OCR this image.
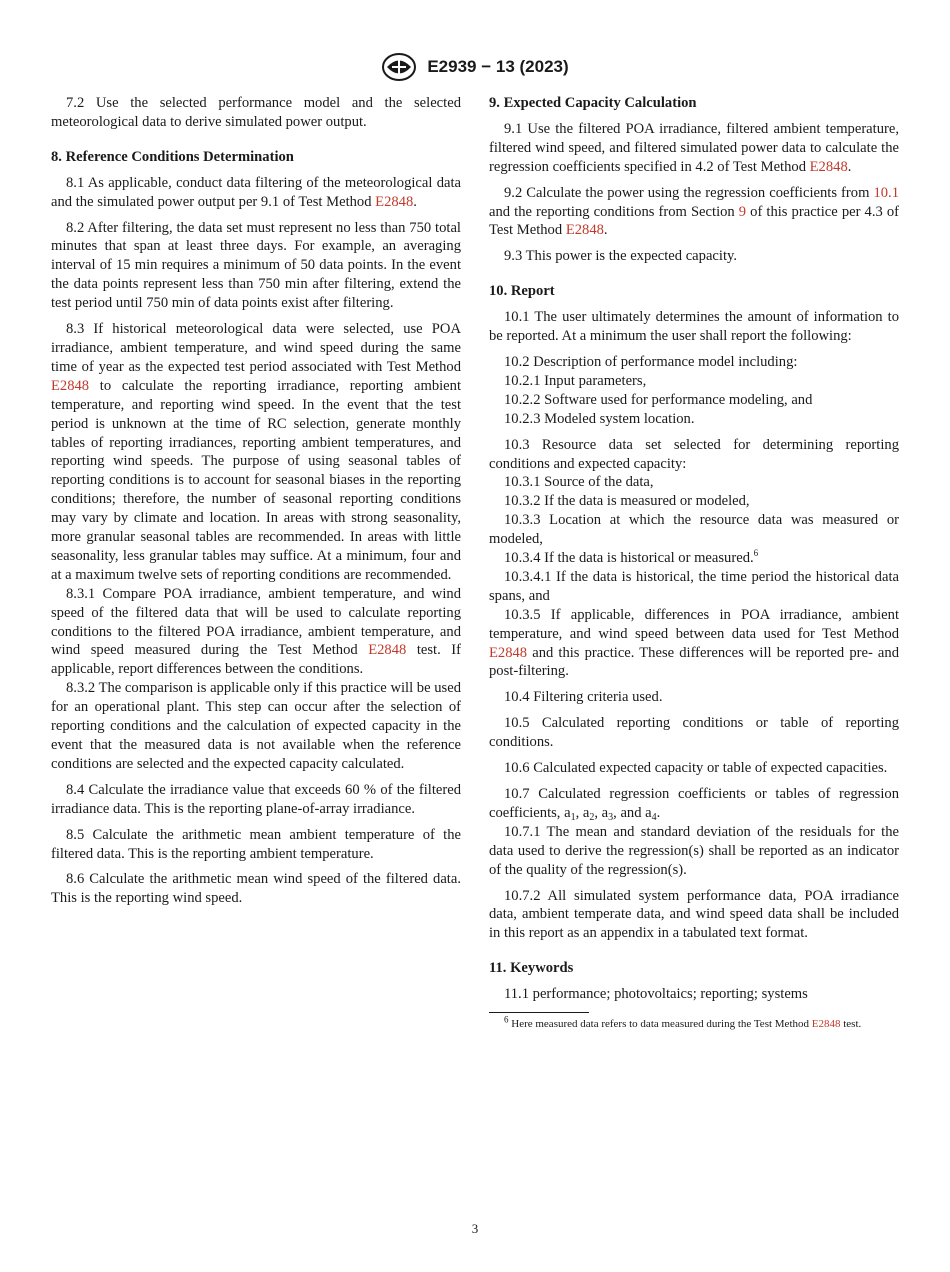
E2939 − 13 (2023)

7.2 Use the selected performance model and the selected meteorological data to derive simulated power output.

8. Reference Conditions Determination

8.1 As applicable, conduct data filtering of the meteorological data and the simulated power output per 9.1 of Test Method E2848.

8.2 After filtering, the data set must represent no less than 750 total minutes that span at least three days. For example, an averaging interval of 15 min requires a minimum of 50 data points. In the event the data points represent less than 750 min after filtering, extend the test period until 750 min of data points exist after filtering.

8.3 If historical meteorological data were selected, use POA irradiance, ambient temperature, and wind speed during the same time of year as the expected test period associated with Test Method E2848 to calculate the reporting irradiance, reporting ambient temperature, and reporting wind speed. In the event that the test period is unknown at the time of RC selection, generate monthly tables of reporting irradiances, reporting ambient temperatures, and reporting wind speeds. The purpose of using seasonal tables of reporting conditions is to account for seasonal biases in the reporting conditions; therefore, the number of seasonal reporting conditions may vary by climate and location. In areas with strong seasonality, more granular seasonal tables are recommended. In areas with little seasonality, less granular tables may suffice. At a minimum, four and at a maximum twelve sets of reporting conditions are recommended.

8.3.1 Compare POA irradiance, ambient temperature, and wind speed of the filtered data that will be used to calculate reporting conditions to the filtered POA irradiance, ambient temperature, and wind speed measured during the Test Method E2848 test. If applicable, report differences between the conditions.

8.3.2 The comparison is applicable only if this practice will be used for an operational plant. This step can occur after the selection of reporting conditions and the calculation of expected capacity in the event that the measured data is not available when the reference conditions are selected and the expected capacity calculated.

8.4 Calculate the irradiance value that exceeds 60 % of the filtered irradiance data. This is the reporting plane-of-array irradiance.

8.5 Calculate the arithmetic mean ambient temperature of the filtered data. This is the reporting ambient temperature.

8.6 Calculate the arithmetic mean wind speed of the filtered data. This is the reporting wind speed.

9. Expected Capacity Calculation

9.1 Use the filtered POA irradiance, filtered ambient temperature, filtered wind speed, and filtered simulated power data to calculate the regression coefficients specified in 4.2 of Test Method E2848.

9.2 Calculate the power using the regression coefficients from 10.1 and the reporting conditions from Section 9 of this practice per 4.3 of Test Method E2848.

9.3 This power is the expected capacity.

10. Report

10.1 The user ultimately determines the amount of information to be reported. At a minimum the user shall report the following:

10.2 Description of performance model including:

10.2.1 Input parameters,

10.2.2 Software used for performance modeling, and

10.2.3 Modeled system location.

10.3 Resource data set selected for determining reporting conditions and expected capacity:

10.3.1 Source of the data,

10.3.2 If the data is measured or modeled,

10.3.3 Location at which the resource data was measured or modeled,

10.3.4 If the data is historical or measured.$^6$

10.3.4.1 If the data is historical, the time period the historical data spans, and

10.3.5 If applicable, differences in POA irradiance, ambient temperature, and wind speed between data used for Test Method E2848 and this practice. These differences will be reported pre- and post-filtering.

10.4 Filtering criteria used.

10.5 Calculated reporting conditions or table of reporting conditions.

10.6 Calculated expected capacity or table of expected capacities.

10.7 Calculated regression coefficients or tables of regression coefficients, $a_1$, $a_2$, $a_3$, and $a_4$.

10.7.1 The mean and standard deviation of the residuals for the data used to derive the regression(s) shall be reported as an indicator of the quality of the regression(s).

10.7.2 All simulated system performance data, POA irradiance data, ambient temperate data, and wind speed data shall be included in this report as an appendix in a tabulated text format.

11. Keywords

11.1 performance; photovoltaics; reporting; systems

$^6$ Here measured data refers to data measured during the Test Method E2848 test.

3
